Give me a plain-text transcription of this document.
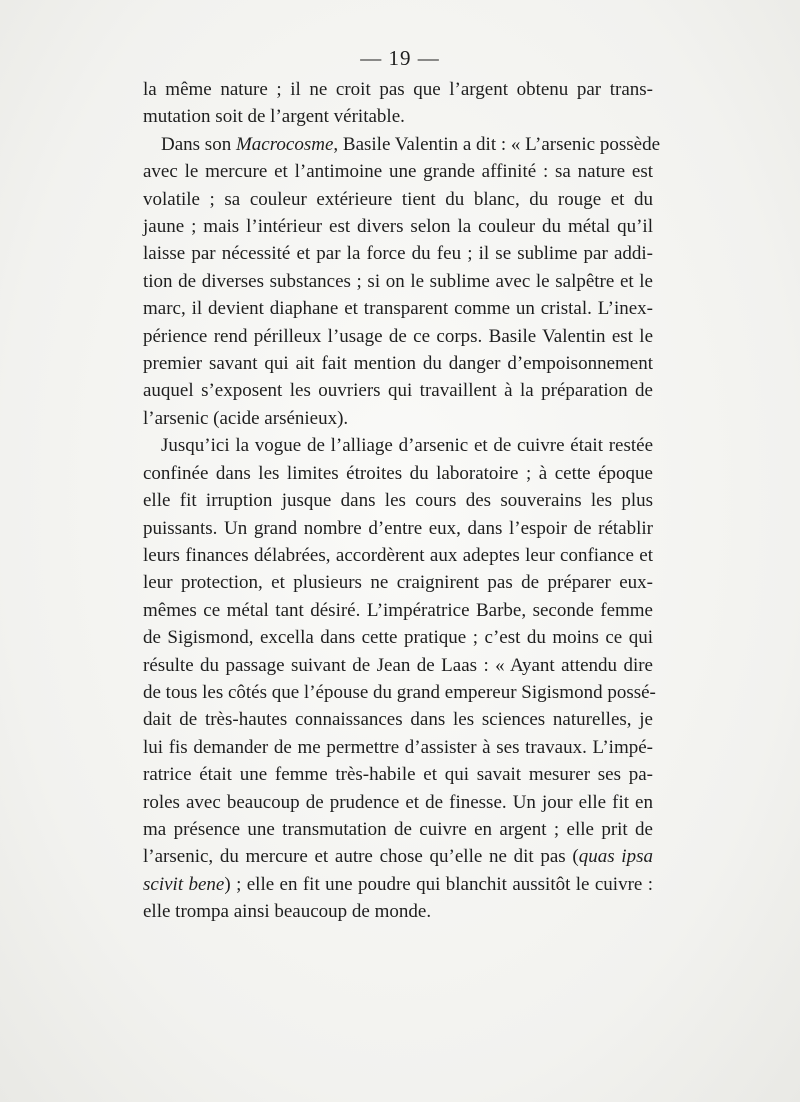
— 19 —

la même nature ; il ne croit pas que l’argent obtenu par trans-

mutation soit de l’argent véritable.

Dans son Macrocosme, Basile Valentin a dit : « L’arsenic possède

avec le mercure et l’antimoine une grande affinité : sa nature est

volatile ; sa couleur extérieure tient du blanc, du rouge et du

jaune ; mais l’intérieur est divers selon la couleur du métal qu’il

laisse par nécessité et par la force du feu ; il se sublime par addi-

tion de diverses substances ; si on le sublime avec le salpêtre et le

marc, il devient diaphane et transparent comme un cristal. L’inex-

périence rend périlleux l’usage de ce corps. Basile Valentin est le

premier savant qui ait fait mention du danger d’empoisonnement

auquel s’exposent les ouvriers qui travaillent à la préparation de

l’arsenic (acide arsénieux).

Jusqu’ici la vogue de l’alliage d’arsenic et de cuivre était restée

confinée dans les limites étroites du laboratoire ; à cette époque

elle fit irruption jusque dans les cours des souverains les plus

puissants. Un grand nombre d’entre eux, dans l’espoir de rétablir

leurs finances délabrées, accordèrent aux adeptes leur confiance et

leur protection, et plusieurs ne craignirent pas de préparer eux-

mêmes ce métal tant désiré. L’impératrice Barbe, seconde femme

de Sigismond, excella dans cette pratique ; c’est du moins ce qui

résulte du passage suivant de Jean de Laas : « Ayant attendu dire

de tous les côtés que l’épouse du grand empereur Sigismond possé-

dait de très-hautes connaissances dans les sciences naturelles, je

lui fis demander de me permettre d’assister à ses travaux. L’impé-

ratrice était une femme très-habile et qui savait mesurer ses pa-

roles avec beaucoup de prudence et de finesse. Un jour elle fit en

ma présence une transmutation de cuivre en argent ; elle prit de

l’arsenic, du mercure et autre chose qu’elle ne dit pas (quas ipsa

scivit bene) ; elle en fit une poudre qui blanchit aussitôt le cuivre :

elle trompa ainsi beaucoup de monde.
